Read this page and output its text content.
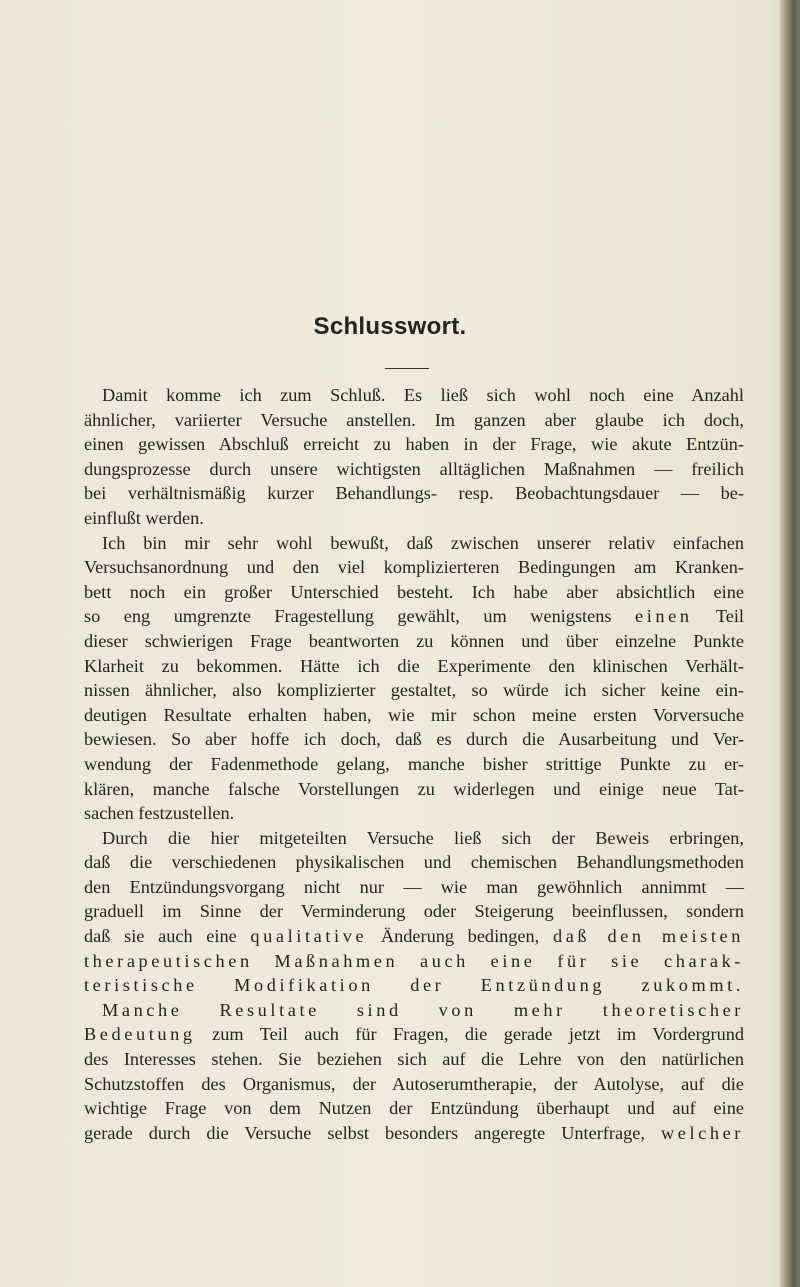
Schlusswort.
Damit komme ich zum Schluß. Es ließ sich wohl noch eine Anzahl
ähnlicher, variierter Versuche anstellen. Im ganzen aber glaube ich doch,
einen gewissen Abschluß erreicht zu haben in der Frage, wie akute Entzün-
dungsprozesse durch unsere wichtigsten alltäglichen Maßnahmen — freilich
bei verhältnismäßig kurzer Behandlungs- resp. Beobachtungsdauer — be-
einflußt werden.
Ich bin mir sehr wohl bewußt, daß zwischen unserer relativ einfachen
Versuchsanordnung und den viel komplizierteren Bedingungen am Kranken-
bett noch ein großer Unterschied besteht. Ich habe aber absichtlich eine
so eng umgrenzte Fragestellung gewählt, um wenigstens einen Teil
dieser schwierigen Frage beantworten zu können und über einzelne Punkte
Klarheit zu bekommen. Hätte ich die Experimente den klinischen Verhält-
nissen ähnlicher, also komplizierter gestaltet, so würde ich sicher keine ein-
deutigen Resultate erhalten haben, wie mir schon meine ersten Vorversuche
bewiesen. So aber hoffe ich doch, daß es durch die Ausarbeitung und Ver-
wendung der Fadenmethode gelang, manche bisher strittige Punkte zu er-
klären, manche falsche Vorstellungen zu widerlegen und einige neue Tat-
sachen festzustellen.
Durch die hier mitgeteilten Versuche ließ sich der Beweis erbringen,
daß die verschiedenen physikalischen und chemischen Behandlungsmethoden
den Entzündungsvorgang nicht nur — wie man gewöhnlich annimmt —
graduell im Sinne der Verminderung oder Steigerung beeinflussen, sondern
daß sie auch eine qualitative Änderung bedingen, daß den meisten
therapeutischen Maßnahmen auch eine für sie charak-
teristische Modifikation der Entzündung zukommt.
Manche Resultate sind von mehr theoretischer
Bedeutung zum Teil auch für Fragen, die gerade jetzt im Vordergrund
des Interesses stehen. Sie beziehen sich auf die Lehre von den natürlichen
Schutzstoffen des Organismus, der Autoserumtherapie, der Autolyse, auf die
wichtige Frage von dem Nutzen der Entzündung überhaupt und auf eine
gerade durch die Versuche selbst besonders angeregte Unterfrage, welcher
